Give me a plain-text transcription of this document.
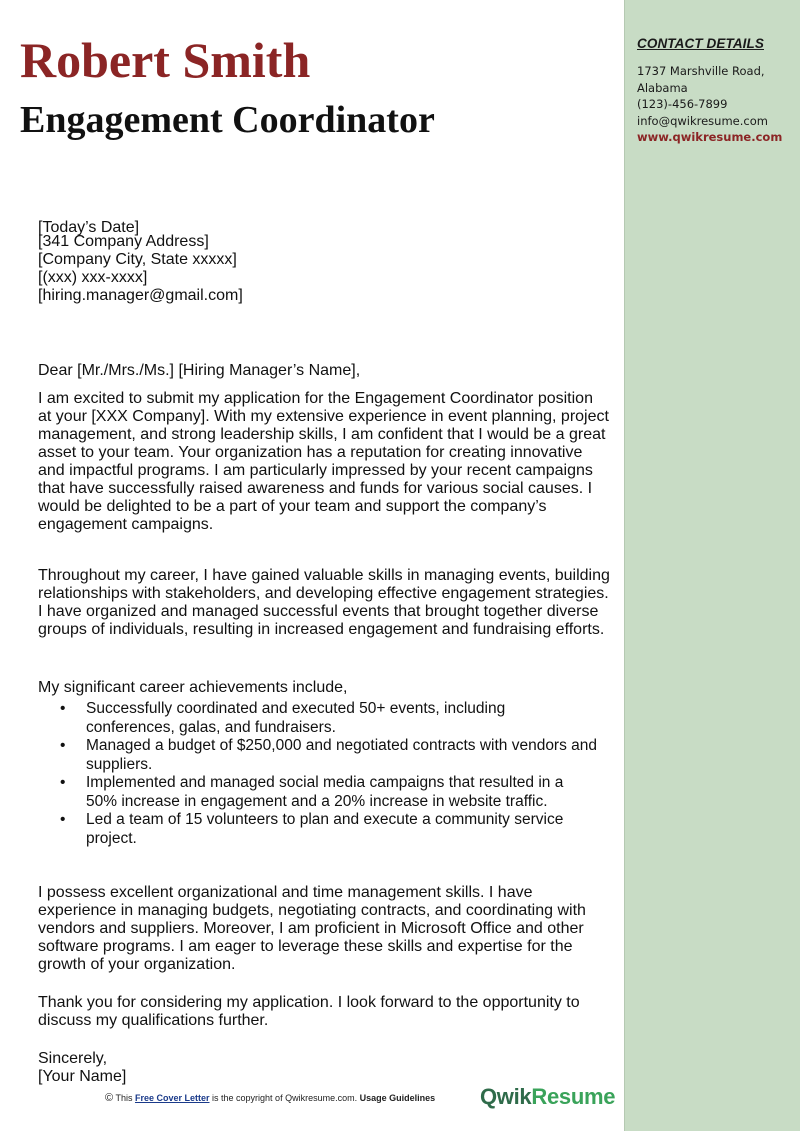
Robert Smith
Engagement Coordinator
CONTACT DETAILS
1737 Marshville Road,
Alabama
(123)-456-7899
info@qwikresume.com
www.qwikresume.com

[Today’s Date]

[341 Company Address]

[Company City, State xxxxx]

[(xxx) xxx-xxxx]

[hiring.manager@gmail.com]

Dear [Mr./Mrs./Ms.] [Hiring Manager’s Name],

I am excited to submit my application for the Engagement Coordinator position at your [XXX Company]. With my extensive experience in event planning, project management, and strong leadership skills, I am confident that I would be a great asset to your team. Your organization has a reputation for creating innovative and impactful programs. I am particularly impressed by your recent campaigns that have successfully raised awareness and funds for various social causes. I would be delighted to be a part of your team and support the company’s engagement campaigns.

Throughout my career, I have gained valuable skills in managing events, building relationships with stakeholders, and developing effective engagement strategies. I have organized and managed successful events that brought together diverse groups of individuals, resulting in increased engagement and fundraising efforts.

My significant career achievements include,

• Successfully coordinated and executed 50+ events, including conferences, galas, and fundraisers.
• Managed a budget of $250,000 and negotiated contracts with vendors and suppliers.
• Implemented and managed social media campaigns that resulted in a 50% increase in engagement and a 20% increase in website traffic.
• Led a team of 15 volunteers to plan and execute a community service project.

I possess excellent organizational and time management skills. I have experience in managing budgets, negotiating contracts, and coordinating with vendors and suppliers. Moreover, I am proficient in Microsoft Office and other software programs. I am eager to leverage these skills and expertise for the growth of your organization.

Thank you for considering my application. I look forward to the opportunity to discuss my qualifications further.

Sincerely,

[Your Name]

© This Free Cover Letter is the copyright of Qwikresume.com. Usage Guidelines QwikResume
